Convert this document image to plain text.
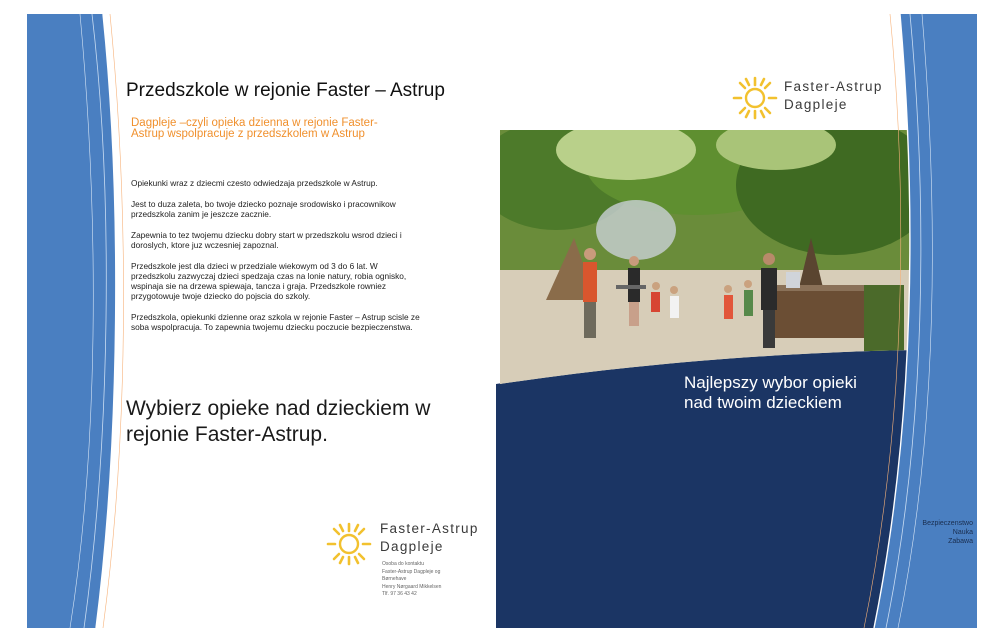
Przedszkole w rejonie Faster – Astrup
Dagpleje –czyli opieka dzienna w rejonie Faster-
Astrup wspolpracuje z przedszkolem w Astrup

Opiekunki wraz z dziecmi czesto odwiedzaja przedszkole w Astrup.

Jest to duza zaleta, bo twoje dziecko poznaje srodowisko i pracownikow przedszkola zanim je jeszcze zacznie.

Zapewnia to tez twojemu dziecku dobry start w przedszkolu wsrod dzieci i doroslych, ktore juz wczesniej zapoznal.

Przedszkole jest dla dzieci w przedziale wiekowym od 3 do 6 lat. W przedszkolu zazwyczaj dzieci spedzaja czas na lonie natury, robia ognisko, wspinaja sie na drzewa spiewaja, tancza i graja. Przedszkole rowniez przygotowuje twoje dziecko do pojscia do szkoly.

Przedszkola, opiekunki dzienne oraz szkola w rejonie Faster – Astrup scisle ze soba wspolpracuja. To zapewnia twojemu dziecku poczucie bezpieczenstwa.

Wybierz opieke nad dzieckiem w rejonie Faster-Astrup.
Faster-Astrup
Dagpleje
Osoba do kontaktu
Faster-Astrup Dagpleje og
Børnehave
Henry Nørgaard Mikkelsen
Tlf. 97 36 43 42
Faster-Astrup
Dagpleje
Najlepszy wybor opieki
nad twoim dzieckiem
Bezpieczenstwo
Nauka
Zabawa
